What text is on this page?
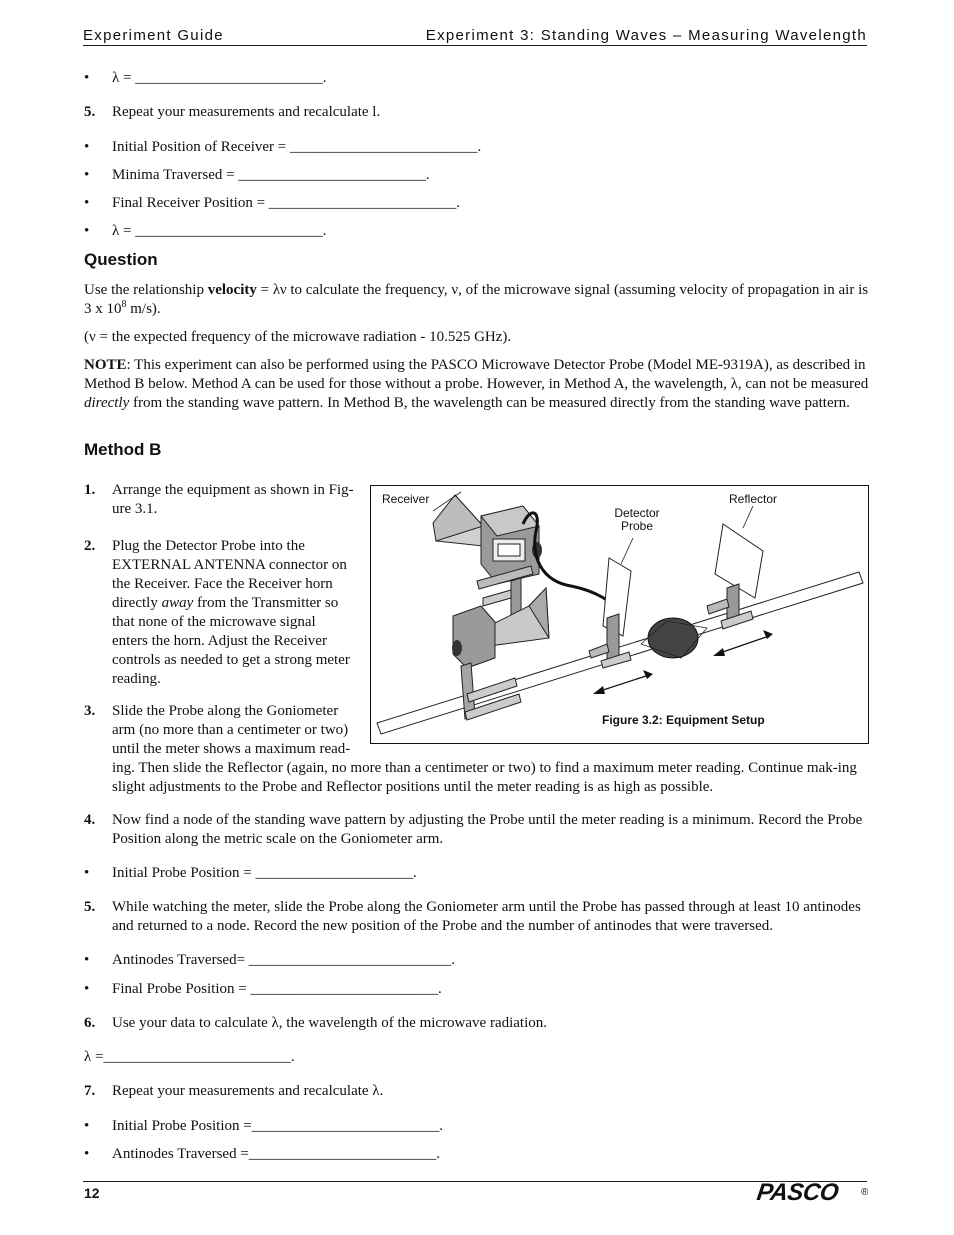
Experiment Guide	Experiment 3: Standing Waves – Measuring Wavelength
• λ = _________________________.
5. Repeat your measurements and recalculate l.
• Initial Position of Receiver = _________________________.
• Minima Traversed = _________________________.
• Final Receiver Position = _________________________.
• λ = _________________________.
Question
Use the relationship velocity = λν to calculate the frequency, ν, of the microwave signal (assuming velocity of propagation in air is 3 x $10^8$ m/s).
(ν = the expected frequency of the microwave radiation - 10.525 GHz).
NOTE: This experiment can also be performed using the PASCO Microwave Detector Probe (Model ME-9319A), as described in Method B below. Method A can be used for those without a probe. However, in Method A, the wavelength, λ, can not be measured directly from the standing wave pattern. In Method B, the wavelength can be measured directly from the standing wave pattern.
Method B
1. Arrange the equipment as shown in Fig-
ure 3.1.
2. Plug the Detector Probe into the
EXTERNAL ANTENNA connector on
the Receiver. Face the Receiver horn
directly away from the Transmitter so
that none of the microwave signal
enters the horn. Adjust the Receiver
controls as needed to get a strong meter
reading.
3. Slide the Probe along the Goniometer
arm (no more than a centimeter or two)
until the meter shows a maximum read-
ing. Then slide the Reflector (again, no more than a centimeter or two) to find a maximum meter reading. Continue mak-ing slight adjustments to the Probe and Reflector positions until the meter reading is as high as possible.
Receiver
Detector
Probe
Reflector
Figure 3.2: Equipment Setup
4. Now find a node of the standing wave pattern by adjusting the Probe until the meter reading is a minimum. Record the Probe Position along the metric scale on the Goniometer arm.
• Initial Probe Position = _____________________.
5. While watching the meter, slide the Probe along the Goniometer arm until the Probe has passed through at least 10 antinodes and returned to a node. Record the new position of the Probe and the number of antinodes that were traversed.
• Antinodes Traversed= ___________________________.
• Final Probe Position = _________________________.
6. Use your data to calculate λ, the wavelength of the microwave radiation.
λ =_________________________.
7. Repeat your measurements and recalculate λ.
• Initial Probe Position =_________________________.
• Antinodes Traversed =_________________________.
12	PASCO ®
